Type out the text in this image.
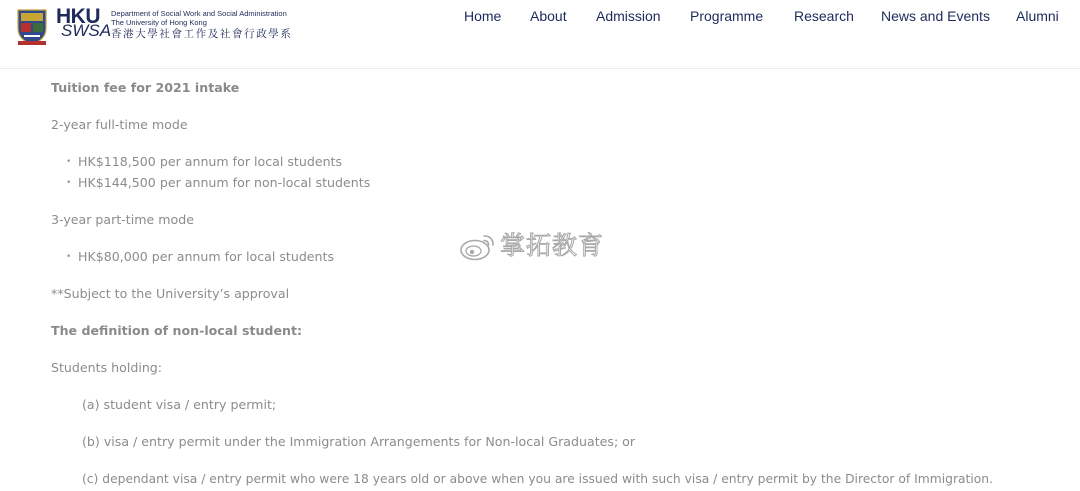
HKU
SWSA
Department of Social Work and Social Administration
The University of Hong Kong
香港大學社會工作及社會行政學系
Home About Admission Programme Research News and Events Alumni
Tuition fee for 2021 intake
2-year full-time mode
• HK$118,500 per annum for local students
• HK$144,500 per annum for non-local students
3-year part-time mode
• HK$80,000 per annum for local students
**Subject to the University’s approval
The definition of non-local student:
Students holding:
(a) student visa / entry permit;
(b) visa / entry permit under the Immigration Arrangements for Non-local Graduates; or
(c) dependant visa / entry permit who were 18 years old or above when you are issued with such visa / entry permit by the Director of Immigration.
掌拓教育
